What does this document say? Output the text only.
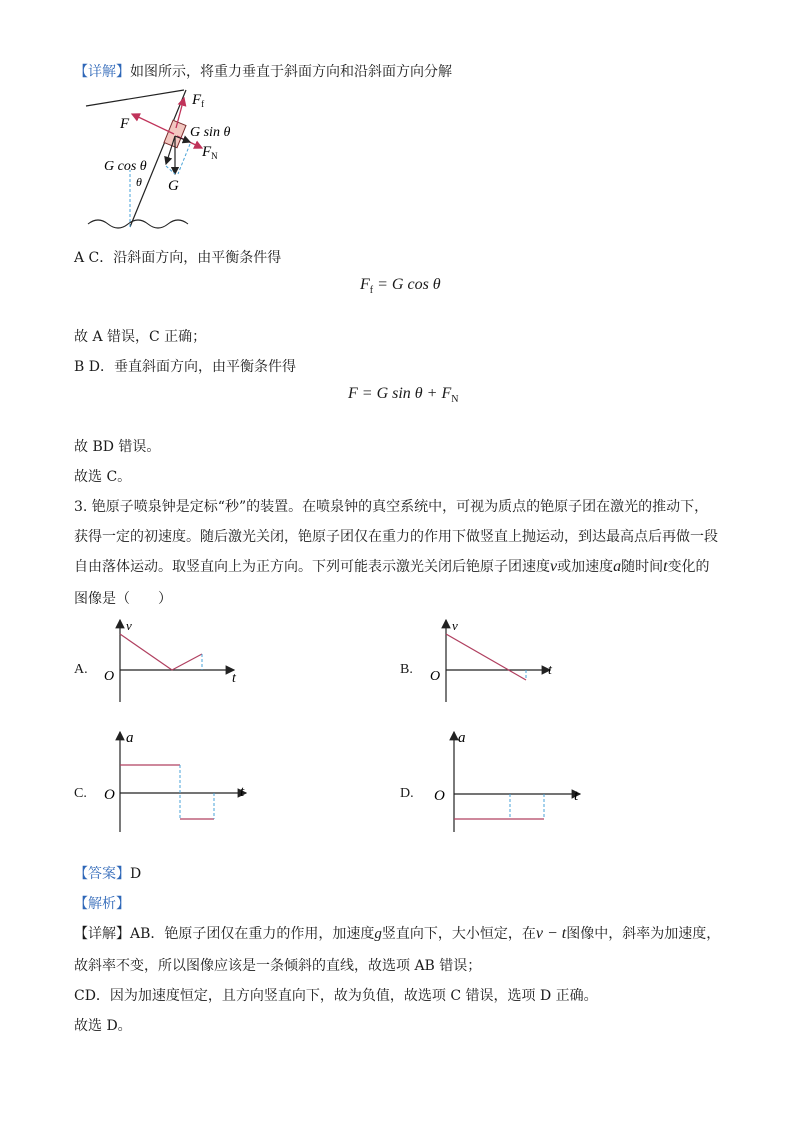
【详解】如图所示，将重力垂直于斜面方向和沿斜面方向分解
$F_f$
F
G sin θ
$F_N$
G cos θ
θ G
A C．沿斜面方向，由平衡条件得
$F_f = G$ cos θ
故 A 错误，C 正确；
B D．垂直斜面方向，由平衡条件得
F = G $\sin \theta + F_N$
故 BD 错误。
故选 C。
3. 铯原子喷泉钟是定标“秒”的装置。在喷泉钟的真空系统中，可视为质点的铯原子团在激光的推动下，
获得一定的初速度。随后激光关闭，铯原子团仅在重力的作用下做竖直上抛运动，到达最高点后再做一段
自由落体运动。取竖直向上为正方向。下列可能表示激光关闭后铯原子团速度v或加速度a随时间t变化的
图像是（　　）
A.
v
t
O	B.
v
t
O
C.
a
t
O	D.
a
t
O
【答案】D
【解析】
【详解】AB．铯原子团仅在重力的作用，加速度g竖直向下，大小恒定，在v − t图像中，斜率为加速度，
故斜率不变，所以图像应该是一条倾斜的直线，故选项 AB 错误；
CD．因为加速度恒定，且方向竖直向下，故为负值，故选项 C 错误，选项 D 正确。
故选 D。
